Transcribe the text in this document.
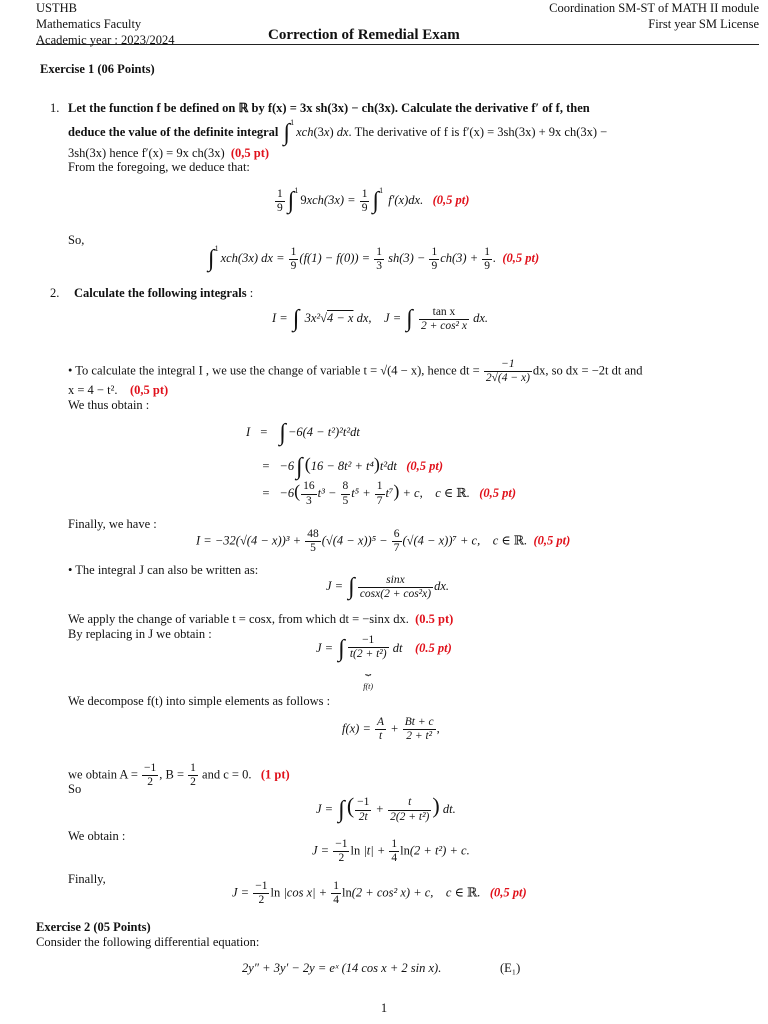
USTHB
Mathematics Faculty
Academic year : 2023/2024
Coordination SM-ST of MATH II module
First year SM License
Correction of Remedial Exam
Exercise 1 (06 Points)
1. Let the function f be defined on ℝ by f(x) = 3x sh(3x) − ch(3x). Calculate the derivative f′ of f, then
deduce the value of the definite integral ∫$^1$xch(3x) dx. The derivative of f is f′(x) = 3sh(3x) + 9x ch(3x) −
3sh(3x) hence f′(x) = 9x ch(3x) (0,5 pt)
From the foregoing, we deduce that:
$\frac{1}{9} \int^19xch(3x) = \frac{1}{9} \int^1$ f′(x)dx.   (0,5 pt)
So,
∫$^1$xch(3x) dx = $\frac{1}{9} (f(1) - f(0)) = \frac{1}{3} sh(3) - \frac{1}{9} ch(3) + \frac{1}{9}$ .  (0,5 pt)
2. Calculate the following integrals :
I = ∫ 3x²√4 − x dx,    J = ∫ $\frac{\text{tan x}}{\text{2 + cos² x}}$ dx.
• To calculate the integral I , we use the change of variable t = √(4 − x), hence dt = $\frac{-1}{2√(4 - x)}$ dx, so dx = −2t dt and
x = 4 − t². (0,5 pt)
We thus obtain :
I   =   ∫ −6(4 − t²)²t²dt
=   −6∫ (16 − 8t² + t⁴)t²dt   (0,5 pt)
=   $-6( \frac{16}{3} t^3 - \frac{8}{5} t^5 + \frac{1}{7} t^7) + c$,    c ∈ ℝ.   (0,5 pt)
Finally, we have :
$I = -32(√(4 - x))^3 + \frac{48}{5} (√(4 - x))^5 - \frac{6}{7} (√(4 - x))^7 + c$,    c ∈ ℝ.  (0,5 pt)
• The integral J can also be written as:
J = ∫ $\frac{\sin x}{\text{cosx(2 + cos²x)}}$ dx.
We apply the change of variable t = cosx, from which dt = −sinx dx. (0.5 pt)
By replacing in J we obtain :
J = ∫ $\frac{-1}{\text{t(2 + t²)}}$

⏟
f(t) dt    (0.5 pt)
We decompose f(t) into simple elements as follows :
$f(x) = \frac{A}{t} + \frac{Bt + c}{\text{2 + t²}}$ ,
we obtain $A = \frac{-1}{2}$ , $B = \frac{1}{2}$ and c = 0. (1 pt)
So
J = ∫( $\frac{-1}{2t} + \frac{t}{\text{2(2 + t²)}}$ ) dt.
We obtain :
$J = \frac{-1}{2}$ $\ln |t| + \frac{1}{4} \ln(2 + t^2) + c$.
Finally,
$J = \frac{-1}{2}$ ln |cos $x| + \frac{1}{4} \ln(2 + \cos^2$ x) + c,    c ∈ ℝ.   (0,5 pt)
Exercise 2 (05 Points)
Consider the following differential equation:
2y″ + 3y′ − 2y = eˣ (14 cos x + 2 sin x).	(E₁)
1
